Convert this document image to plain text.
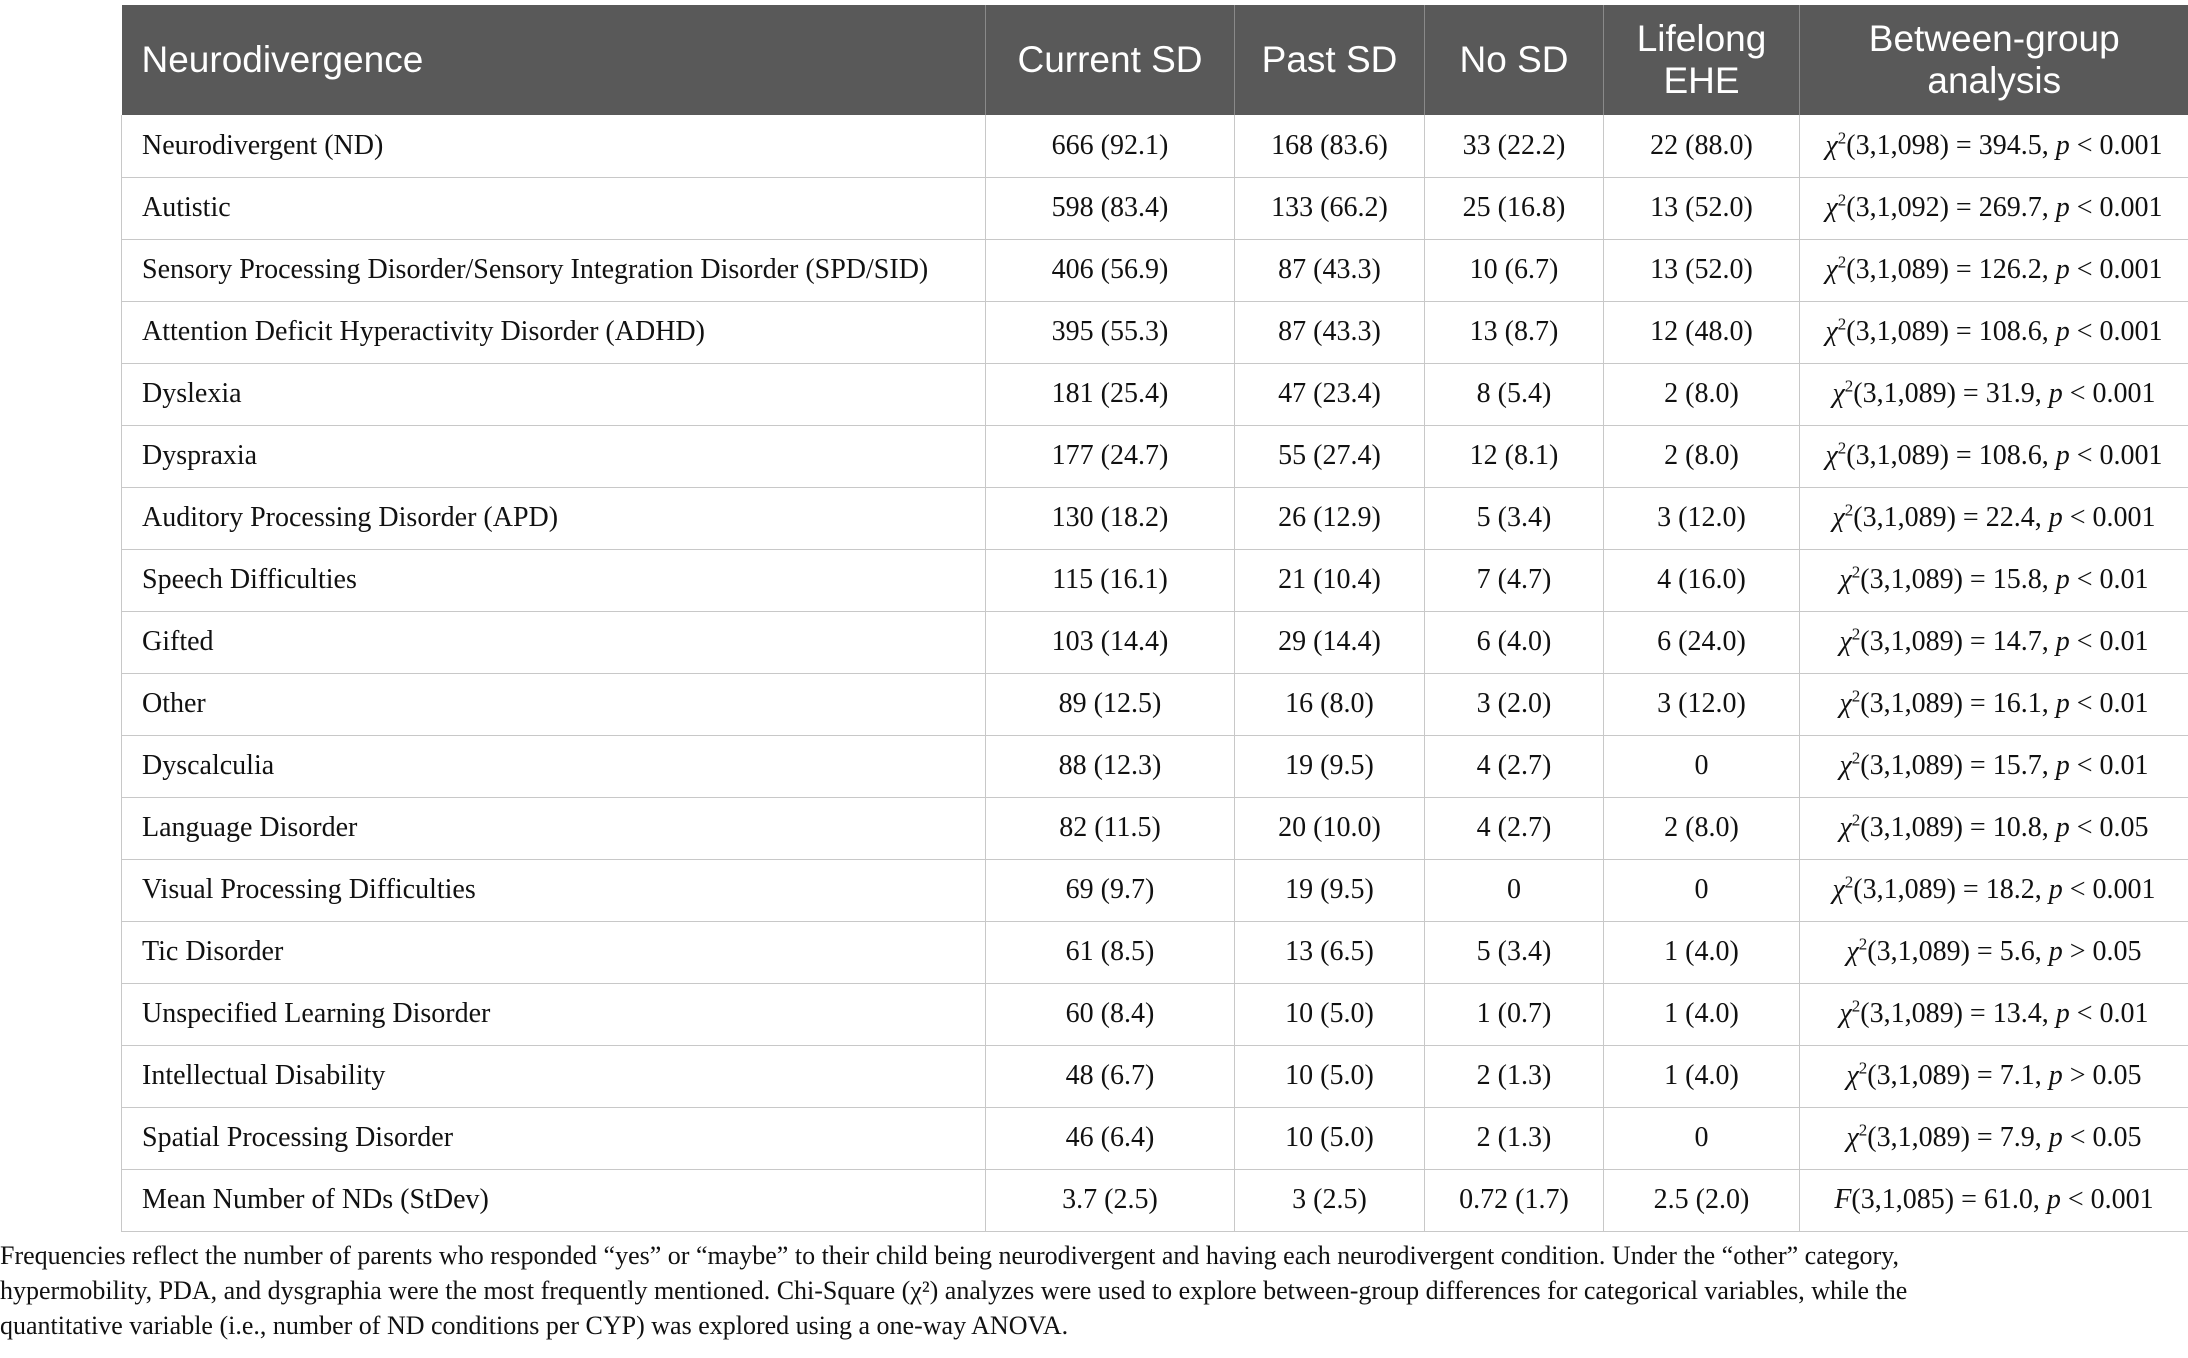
Neurodivergence	Current SD	Past SD	No SD	Lifelong EHE	Between-group analysis
Neurodivergent (ND)	666 (92.1)	168 (83.6)	33 (22.2)	22 (88.0)	$\chi^2(3,1,098) = 394.5$, p < 0.001
Autistic	598 (83.4)	133 (66.2)	25 (16.8)	13 (52.0)	$\chi^2(3,1,092) = 269.7$, p < 0.001
Sensory Processing Disorder/Sensory Integration Disorder (SPD/SID)	406 (56.9)	87 (43.3)	10 (6.7)	13 (52.0)	$\chi^2(3,1,089) = 126.2$, p < 0.001
Attention Deficit Hyperactivity Disorder (ADHD)	395 (55.3)	87 (43.3)	13 (8.7)	12 (48.0)	$\chi^2(3,1,089) = 108.6$, p < 0.001
Dyslexia	181 (25.4)	47 (23.4)	8 (5.4)	2 (8.0)	$\chi^2(3,1,089) = 31.9$, p < 0.001
Dyspraxia	177 (24.7)	55 (27.4)	12 (8.1)	2 (8.0)	$\chi^2(3,1,089) = 108.6$, p < 0.001
Auditory Processing Disorder (APD)	130 (18.2)	26 (12.9)	5 (3.4)	3 (12.0)	$\chi^2(3,1,089) = 22.4$, p < 0.001
Speech Difficulties	115 (16.1)	21 (10.4)	7 (4.7)	4 (16.0)	$\chi^2(3,1,089) = 15.8$, p < 0.01
Gifted	103 (14.4)	29 (14.4)	6 (4.0)	6 (24.0)	$\chi^2(3,1,089) = 14.7$, p < 0.01
Other	89 (12.5)	16 (8.0)	3 (2.0)	3 (12.0)	$\chi^2(3,1,089) = 16.1$, p < 0.01
Dyscalculia	88 (12.3)	19 (9.5)	4 (2.7)	0	$\chi^2(3,1,089) = 15.7$, p < 0.01
Language Disorder	82 (11.5)	20 (10.0)	4 (2.7)	2 (8.0)	$\chi^2(3,1,089) = 10.8$, p < 0.05
Visual Processing Difficulties	69 (9.7)	19 (9.5)	0	0	$\chi^2(3,1,089) = 18.2$, p < 0.001
Tic Disorder	61 (8.5)	13 (6.5)	5 (3.4)	1 (4.0)	$\chi^2(3,1,089) = 5.6$, p > 0.05
Unspecified Learning Disorder	60 (8.4)	10 (5.0)	1 (0.7)	1 (4.0)	$\chi^2(3,1,089) = 13.4$, p < 0.01
Intellectual Disability	48 (6.7)	10 (5.0)	2 (1.3)	1 (4.0)	$\chi^2(3,1,089) = 7.1$, p > 0.05
Spatial Processing Disorder	46 (6.4)	10 (5.0)	2 (1.3)	0	$\chi^2(3,1,089) = 7.9$, p < 0.05
Mean Number of NDs (StDev)	3.7 (2.5)	3 (2.5)	0.72 (1.7)	2.5 (2.0)	F(3,1,085) = 61.0, p < 0.001

Frequencies reflect the number of parents who responded “yes” or “maybe” to their child being neurodivergent and having each neurodivergent condition. Under the “other” category, hypermobility, PDA, and dysgraphia were the most frequently mentioned. Chi-Square (χ²) analyzes were used to explore between-group differences for categorical variables, while the quantitative variable (i.e., number of ND conditions per CYP) was explored using a one-way ANOVA.
